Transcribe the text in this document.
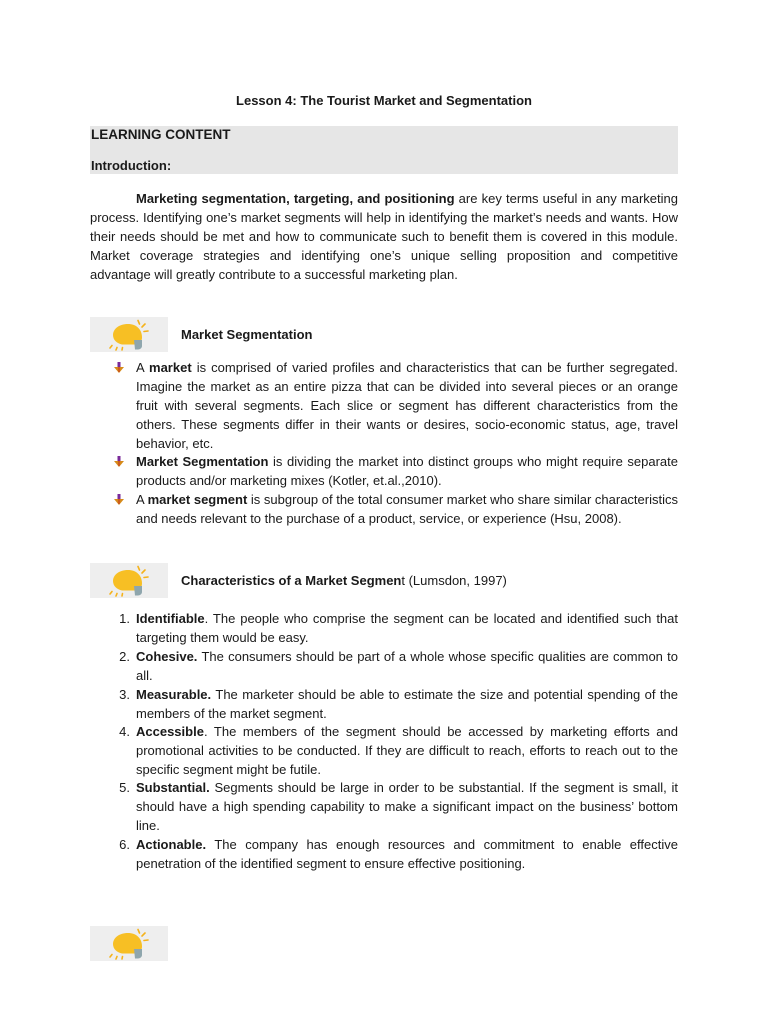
Lesson 4: The Tourist Market and Segmentation
LEARNING CONTENT
Introduction:

Marketing segmentation, targeting, and positioning are key terms useful in any marketing process. Identifying one’s market segments will help in identifying the market’s needs and wants. How their needs should be met and how to communicate such to benefit them is covered in this module. Market coverage strategies and identifying one’s unique selling proposition and competitive advantage will greatly contribute to a successful marketing plan.

Market Segmentation
A market is comprised of varied profiles and characteristics that can be further segregated. Imagine the market as an entire pizza that can be divided into several pieces or an orange fruit with several segments. Each slice or segment has different characteristics from the others. These segments differ in their wants or desires, socio-economic status, age, travel behavior, etc.
Market Segmentation is dividing the market into distinct groups who might require separate products and/or marketing mixes (Kotler, et.al.,2010).
A market segment is subgroup of the total consumer market who share similar characteristics and needs relevant to the purchase of a product, service, or experience (Hsu, 2008).
Characteristics of a Market Segment (Lumsdon, 1997)
1. Identifiable. The people who comprise the segment can be located and identified such that targeting them would be easy.
2. Cohesive. The consumers should be part of a whole whose specific qualities are common to all.
3. Measurable. The marketer should be able to estimate the size and potential spending of the members of the market segment.
4. Accessible. The members of the segment should be accessed by marketing efforts and promotional activities to be conducted. If they are difficult to reach, efforts to reach out to the specific segment might be futile.
5. Substantial. Segments should be large in order to be substantial. If the segment is small, it should have a high spending capability to make a significant impact on the business’ bottom line.
6. Actionable. The company has enough resources and commitment to enable effective penetration of the identified segment to ensure effective positioning.
